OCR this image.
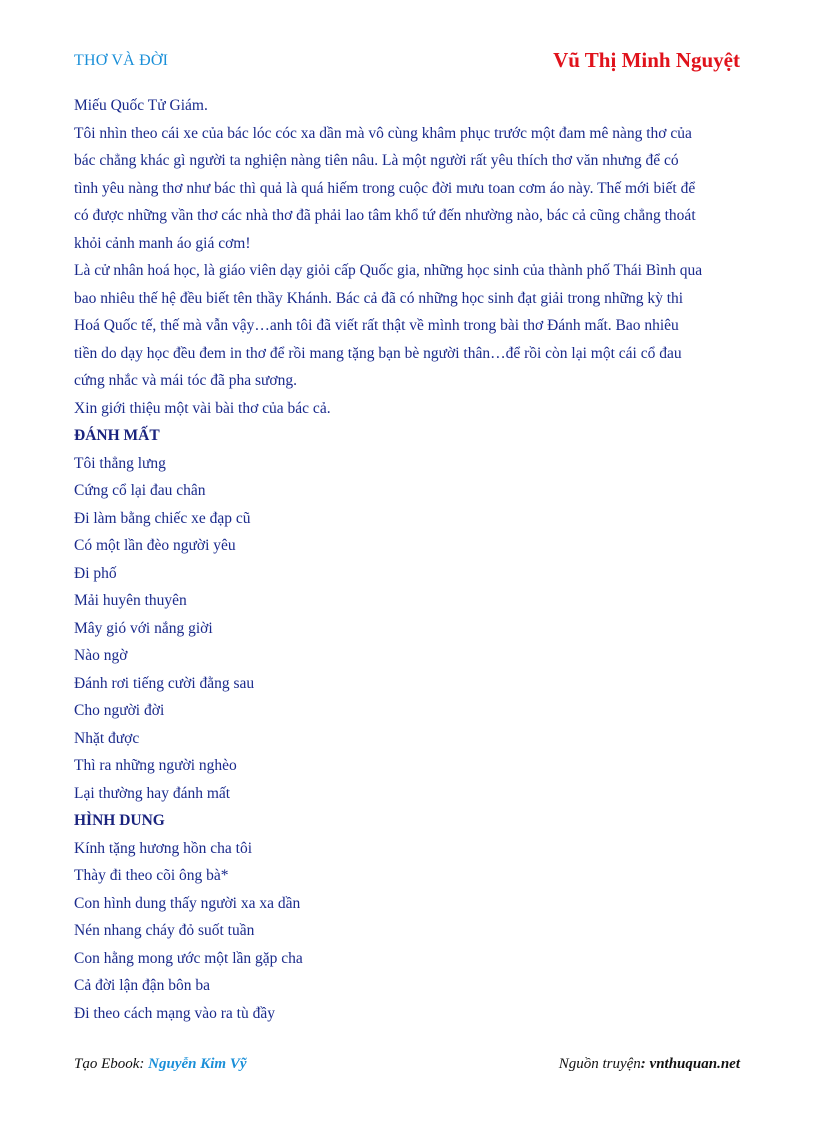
THƠ VÀ ĐỜI	Vũ Thị Minh Nguyệt
Miếu Quốc Tử Giám.
Tôi nhìn theo cái xe của bác lóc cóc xa dần mà vô cùng khâm phục trước một đam mê nàng thơ của
bác chẳng khác gì người ta nghiện nàng tiên nâu. Là một người rất yêu thích thơ văn nhưng để có
tình yêu nàng thơ như bác thì quả là quá hiếm trong cuộc đời mưu toan cơm áo này. Thế mới biết để
có được những vần thơ các nhà thơ đã phải lao tâm khổ tứ đến nhường nào, bác cả cũng chẳng thoát
khỏi cảnh manh áo giá cơm!
Là cử nhân hoá học, là giáo viên dạy giỏi cấp Quốc gia, những học sinh của thành phố Thái Bình qua
bao nhiêu thế hệ đều biết tên thầy Khánh. Bác cả đã có những học sinh đạt giải trong những kỳ thi
Hoá Quốc tế, thế mà vẫn vậy…anh tôi đã viết rất thật về mình trong bài thơ Đánh mất. Bao nhiêu
tiền do dạy học đều đem in thơ để rồi mang tặng bạn bè người thân…để rồi còn lại một cái cổ đau
cứng nhắc và mái tóc đã pha sương.
Xin giới thiệu một vài bài thơ của bác cả.
ĐÁNH MẤT
Tôi thẳng lưng
Cứng cổ lại đau chân
Đi làm bằng chiếc xe đạp cũ
Có một lần đèo người yêu
Đi phố
Mải huyên thuyên
Mây gió với nắng giời
Nào ngờ
Đánh rơi tiếng cười đằng sau
Cho người đời
Nhặt được
Thì ra những người nghèo
Lại thường hay đánh mất
HÌNH DUNG
Kính tặng hương hồn cha tôi
Thày đi theo cõi ông bà*
Con hình dung thấy người xa xa dần
Nén nhang cháy đỏ suốt tuần
Con hằng mong ước một lần gặp cha
Cả đời lận đận bôn ba
Đi theo cách mạng vào ra tù đầy
Tạo Ebook: Nguyễn Kim Vỹ	Nguồn truyện: vnthuquan.net
